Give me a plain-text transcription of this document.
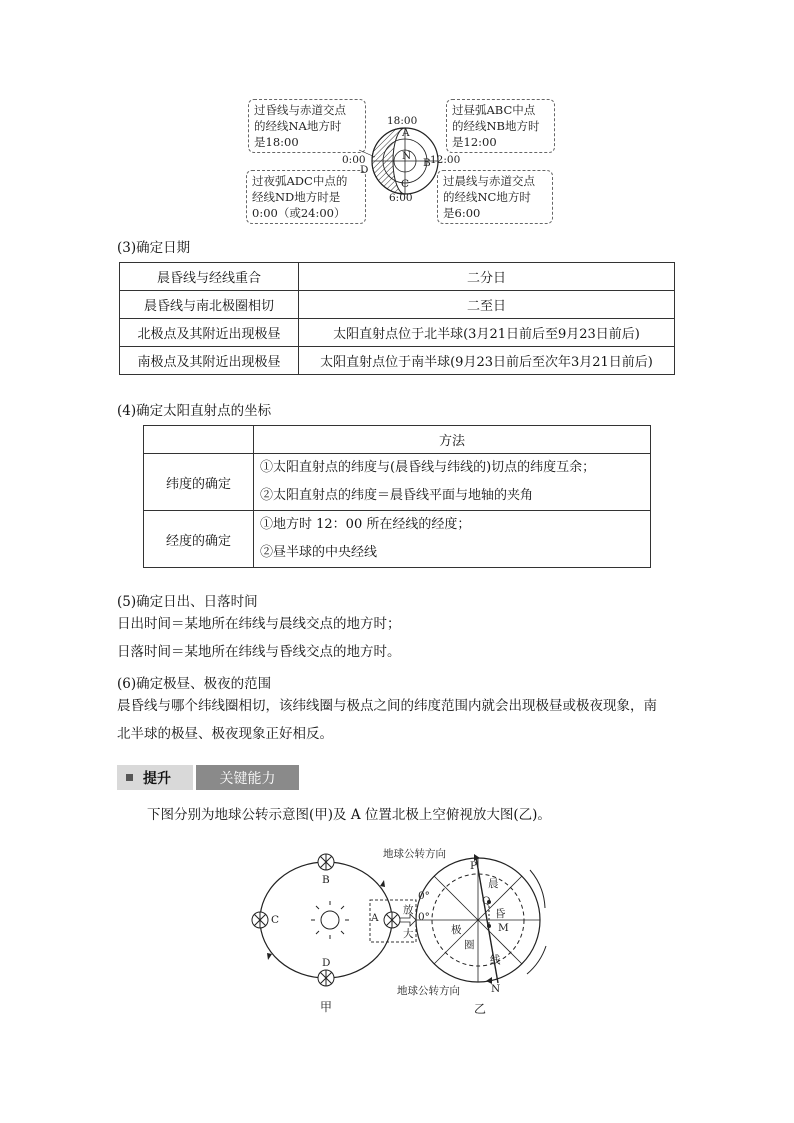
过昏线与赤道交点
的经线NA地方时
是18:00
过昼弧ABC中点
的经线NB地方时
是12:00
过夜弧ADC中点的
经线ND地方时是
0:00（或24:00）
过晨线与赤道交点
的经线NC地方时
是6:00
18:00
12:00
0:00
6:00
A
B
C
D
N
(3)确定日期
晨昏线与经线重合	二分日
晨昏线与南北极圈相切	二至日
北极点及其附近出现极昼	太阳直射点位于北半球(3月21日前后至9月23日前后)
南极点及其附近出现极昼	太阳直射点位于南半球(9月23日前后至次年3月21日前后)
(4)确定太阳直射点的坐标
	方法
纬度的确定	①太阳直射点的纬度与(晨昏线与纬线的)切点的纬度互余；
②太阳直射点的纬度＝晨昏线平面与地轴的夹角

经度的确定	①地方时 12：00 所在经线的经度；
②昼半球的中央经线
(5)确定日出、日落时间
日出时间＝某地所在纬线与晨线交点的地方时；
日落时间＝某地所在纬线与昏线交点的地方时。
(6)确定极昼、极夜的范围
晨昏线与哪个纬线圈相切，该纬线圈与极点之间的纬度范围内就会出现极昼或极夜现象，南
北半球的极昼、极夜现象正好相反。
提升	关键能力
下图分别为地球公转示意图(甲)及 A 位置北极上空俯视放大图(乙)。
B
C
D
A
甲	乙
放
大
地球公转方向
地球公转方向
P
Q
M
N
晨
昏
线
极
圈
0°
0°
